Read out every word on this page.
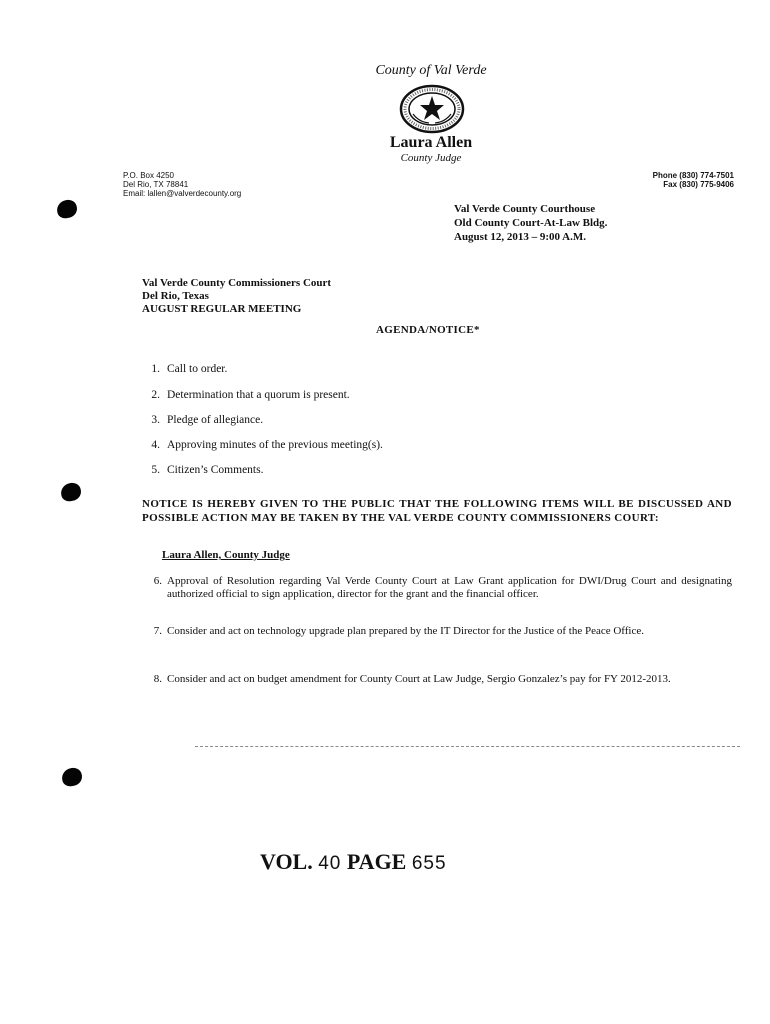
County of Val Verde
Laura Allen
County Judge
P.O. Box 4250
Del Rio, TX 78841
Email: lallen@valverdecounty.org
Phone (830) 774-7501
Fax (830) 775-9406
Val Verde County Courthouse
Old County Court-At-Law Bldg.
August 12, 2013 – 9:00 A.M.
Val Verde County Commissioners Court
Del Rio, Texas
AUGUST REGULAR MEETING
AGENDA/NOTICE*
1. Call to order.
2. Determination that a quorum is present.
3. Pledge of allegiance.
4. Approving minutes of the previous meeting(s).
5. Citizen’s Comments.
NOTICE IS HEREBY GIVEN TO THE PUBLIC THAT THE FOLLOWING ITEMS WILL BE DISCUSSED AND POSSIBLE ACTION MAY BE TAKEN BY THE VAL VERDE COUNTY COMMISSIONERS COURT:
Laura Allen, County Judge
6. Approval of Resolution regarding Val Verde County Court at Law Grant application for DWI/Drug Court and designating authorized official to sign application, director for the grant and the financial officer.
7. Consider and act on technology upgrade plan prepared by the IT Director for the Justice of the Peace Office.
8. Consider and act on budget amendment for County Court at Law Judge, Sergio Gonzalez’s pay for FY 2012-2013.
VOL. 40 PAGE 655
